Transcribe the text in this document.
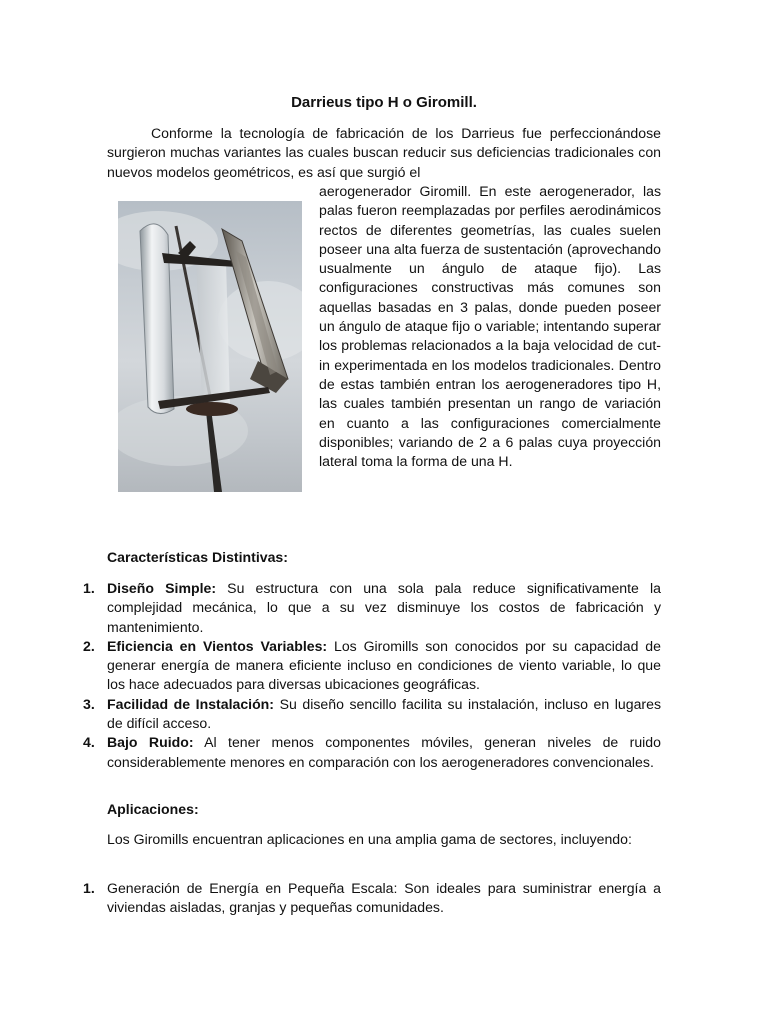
Darrieus tipo H o Giromill.
Conforme la tecnología de fabricación de los Darrieus fue perfeccionándose surgieron muchas variantes las cuales buscan reducir sus deficiencias tradicionales con nuevos modelos geométricos, es así que surgió el
aerogenerador Giromill. En este aerogenerador, las palas fueron reemplazadas por perfiles aerodinámicos rectos de diferentes geometrías, las cuales suelen poseer una alta fuerza de sustentación (aprovechando usualmente un ángulo de ataque fijo). Las configuraciones constructivas más comunes son aquellas basadas en 3 palas, donde pueden poseer un ángulo de ataque fijo o variable; intentando superar los problemas relacionados a la baja velocidad de cut-in experimentada en los modelos tradicionales. Dentro de estas también entran los aerogeneradores tipo H, las cuales también presentan un rango de variación en cuanto a las configuraciones comercialmente disponibles; variando de 2 a 6 palas cuya proyección lateral toma la forma de una H.
Características Distintivas:
Diseño Simple: Su estructura con una sola pala reduce significativamente la complejidad mecánica, lo que a su vez disminuye los costos de fabricación y mantenimiento.
Eficiencia en Vientos Variables: Los Giromills son conocidos por su capacidad de generar energía de manera eficiente incluso en condiciones de viento variable, lo que los hace adecuados para diversas ubicaciones geográficas.
Facilidad de Instalación: Su diseño sencillo facilita su instalación, incluso en lugares de difícil acceso.
Bajo Ruido: Al tener menos componentes móviles, generan niveles de ruido considerablemente menores en comparación con los aerogeneradores convencionales.
Aplicaciones:
Los Giromills encuentran aplicaciones en una amplia gama de sectores, incluyendo:
Generación de Energía en Pequeña Escala: Son ideales para suministrar energía a viviendas aisladas, granjas y pequeñas comunidades.
